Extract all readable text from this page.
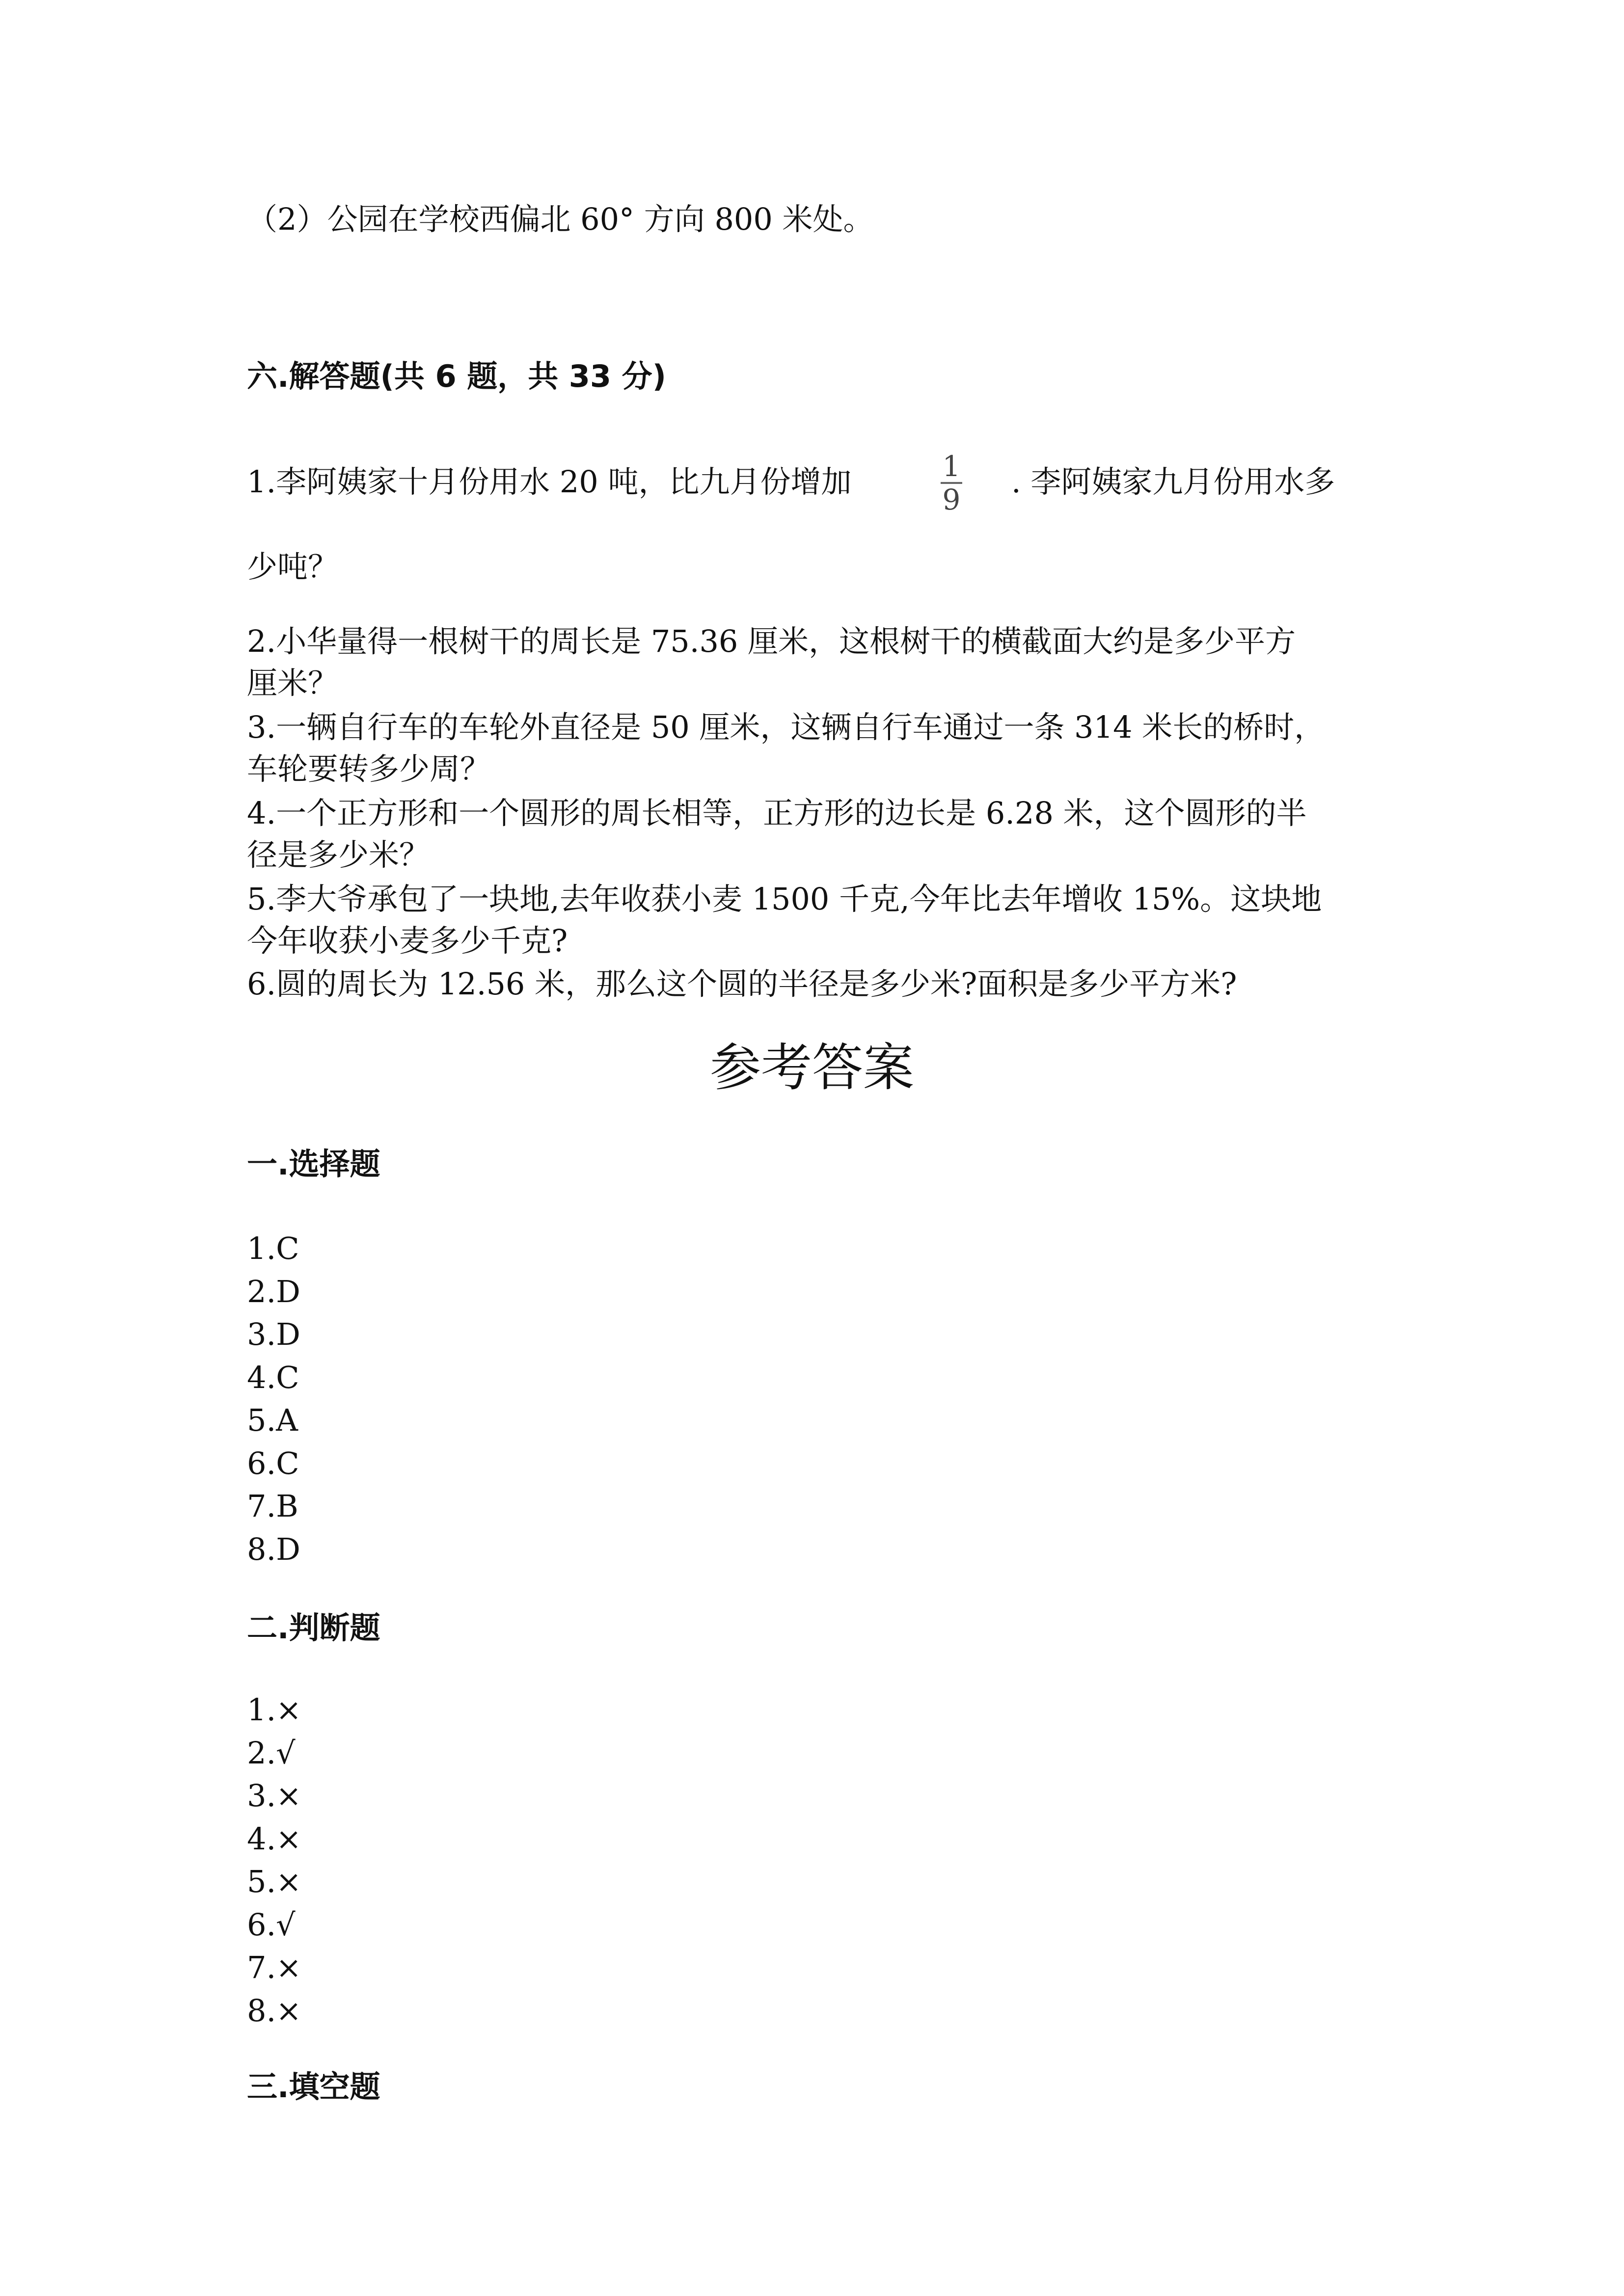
（2）公园在学校西偏北 60° 方向 800 米处。
六.解答题(共 6 题，共 33 分)
1.李阿姨家十月份用水 20 吨，比九月份增加	1
9 . 李阿姨家九月份用水多
少吨？
2.小华量得一根树干的周长是 75.36 厘米，这根树干的横截面大约是多少平方
厘米？
3.一辆自行车的车轮外直径是 50 厘米，这辆自行车通过一条 314 米长的桥时，
车轮要转多少周？
4.一个正方形和一个圆形的周长相等，正方形的边长是 6.28 米，这个圆形的半
径是多少米？
5.李大爷承包了一块地,去年收获小麦 1500 千克,今年比去年增收 15%。这块地
今年收获小麦多少千克?
6.圆的周长为 12.56 米，那么这个圆的半径是多少米?面积是多少平方米?
参考答案
一.选择题
1.C
2.D
3.D
4.C
5.A
6.C
7.B
8.D
二.判断题
1.×
2.√
3.×
4.×
5.×
6.√
7.×
8.×
三.填空题
